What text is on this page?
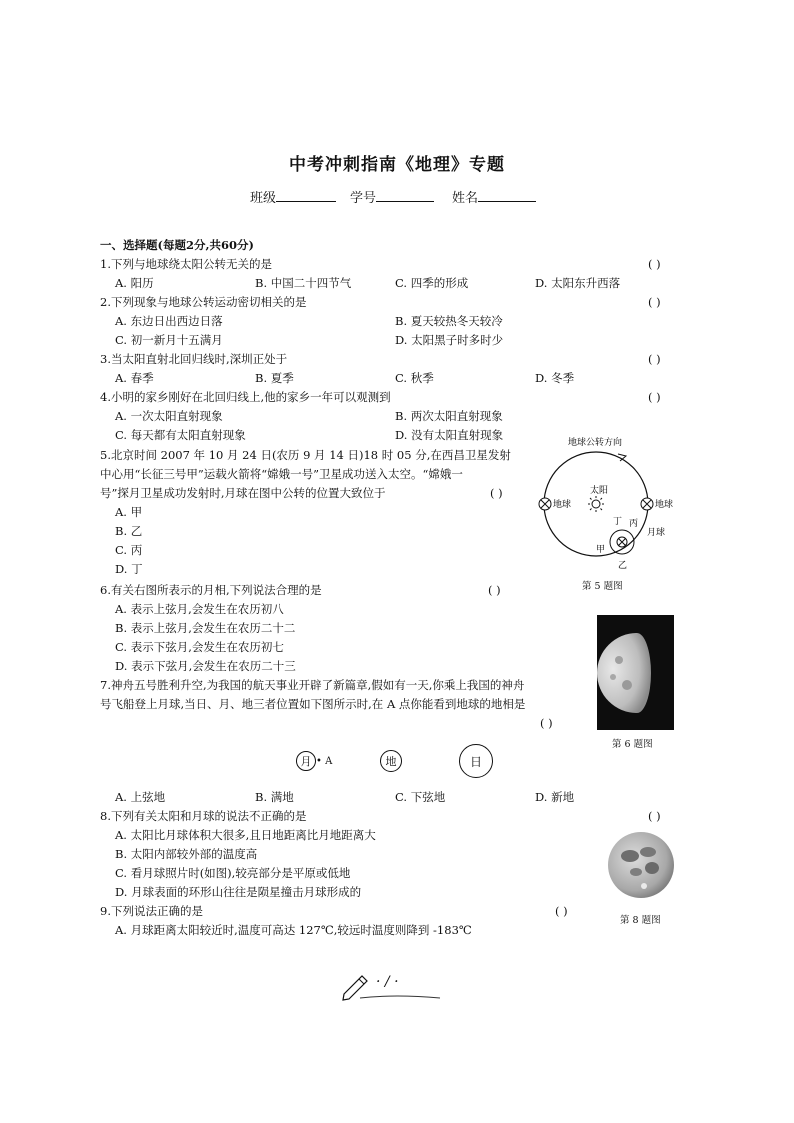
中考冲刺指南《地理》专题
班级	学号	姓名
一、选择题(每题2分,共60分)
1.下列与地球绕太阳公转无关的是	( )
A. 阳历	B. 中国二十四节气	C. 四季的形成	D. 太阳东升西落
2.下列现象与地球公转运动密切相关的是	( )
A. 东边日出西边日落	B. 夏天较热冬天较冷
C. 初一新月十五满月	D. 太阳黑子时多时少
3.当太阳直射北回归线时,深圳正处于	( )
A. 春季	B. 夏季	C. 秋季	D. 冬季
4.小明的家乡刚好在北回归线上,他的家乡一年可以观测到	( )
A. 一次太阳直射现象	B. 两次太阳直射现象
C. 每天都有太阳直射现象	D. 没有太阳直射现象
5.北京时间 2007 年 10 月 24 日(农历 9 月 14 日)18 时 05 分,在西昌卫星发射
中心用“长征三号甲”运载火箭将“嫦娥一号”卫星成功送入太空。“嫦娥一
号”探月卫星成功发射时,月球在图中公转的位置大致位于	( )
A. 甲
B. 乙
C. 丙
D. 丁
地球公转方向
太阳
地球	地球
月球
甲
乙
丙
丁
第 5 题图
6.有关右图所表示的月相,下列说法合理的是	( )
A. 表示上弦月,会发生在农历初八
B. 表示上弦月,会发生在农历二十二
C. 表示下弦月,会发生在农历初七
D. 表示下弦月,会发生在农历二十三
第 6 题图
7.神舟五号胜利升空,为我国的航天事业开辟了新篇章,假如有一天,你乘上我国的神舟
号飞船登上月球,当日、月、地三者位置如下图所示时,在 A 点你能看到地球的地相是
( )
月 • A	地	日
A. 上弦地	B. 满地	C. 下弦地	D. 新地
8.下列有关太阳和月球的说法不正确的是	( )
A. 太阳比月球体积大很多,且日地距离比月地距离大
B. 太阳内部较外部的温度高
C. 看月球照片时(如图),较亮部分是平原或低地
D. 月球表面的环形山往往是陨星撞击月球形成的
第 8 题图
9.下列说法正确的是	( )
A. 月球距离太阳较近时,温度可高达 127℃,较远时温度则降到 -183℃
· / ·
